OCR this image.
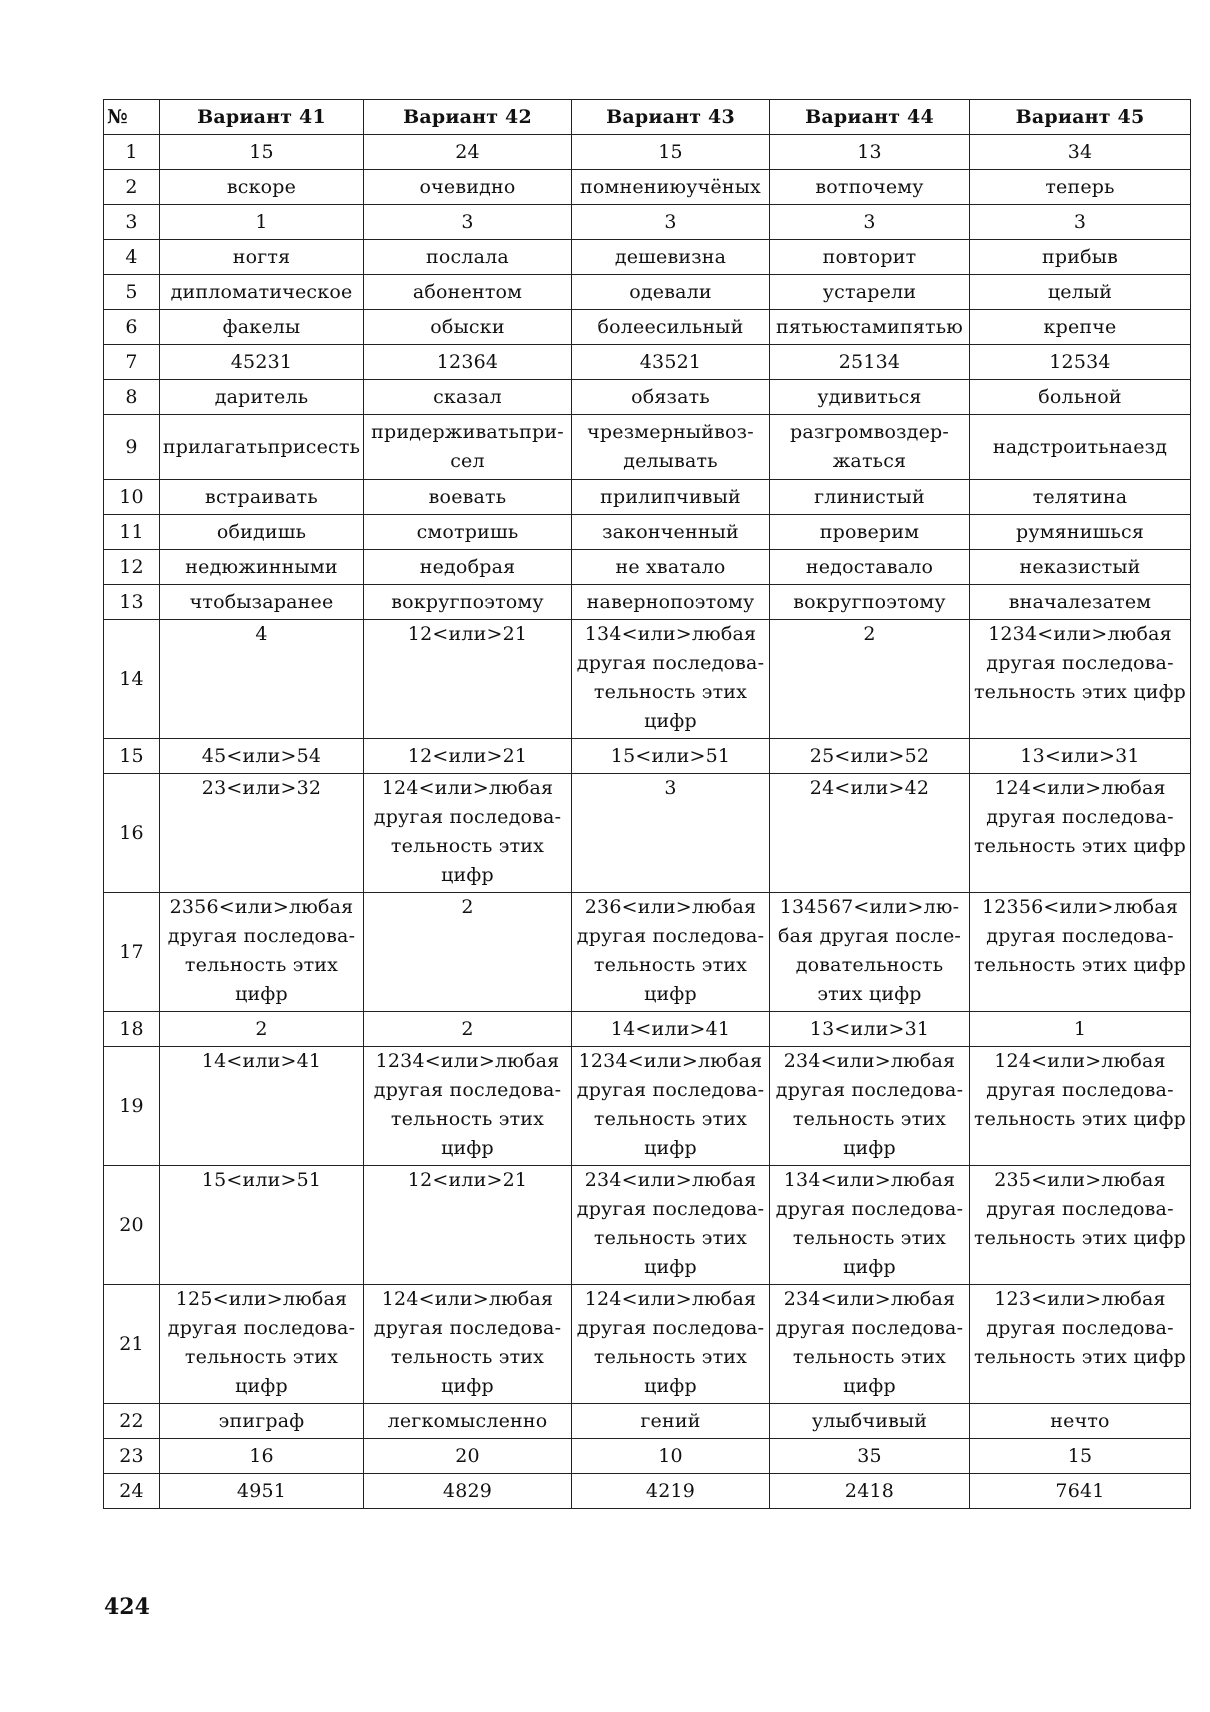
№	Вариант 41	Вариант 42	Вариант 43	Вариант 44	Вариант 45
1	15	24	15	13	34
2	вскоре	очевидно	помнениюучёных	вотпочему	теперь
3	1	3	3	3	3
4	ногтя	послала	дешевизна	повторит	прибыв
5	дипломатическое	абонентом	одевали	устарели	целый
6	факелы	обыски	болеесильный	пятьюстамипятью	крепче
7	45231	12364	43521	25134	12534
8	даритель	сказал	обязать	удивиться	больной
9	прилагатьприсесть	придерживатьпри-сел	чрезмерныйвоз-делывать	разгромвоздер-жаться	надстроитьнаезд
10	встраивать	воевать	прилипчивый	глинистый	телятина
11	обидишь	смотришь	законченный	проверим	румянишься
12	недюжинными	недобрая	не хватало	недоставало	неказистый
13	чтобызаранее	вокругпоэтому	навернопоэтому	вокругпоэтому	вначалезатем
14	4	12<или>21	134<или>любая другая последова-тельность этих цифр	2	1234<или>любая другая последова-тельность этих цифр
15	45<или>54	12<или>21	15<или>51	25<или>52	13<или>31
16	23<или>32	124<или>любая другая последова-тельность этих цифр	3	24<или>42	124<или>любая другая последова-тельность этих цифр
17	2356<или>любая другая последова-тельность этих цифр	2	236<или>любая другая последова-тельность этих цифр	134567<или>лю-бая другая после-довательность этих цифр	12356<или>любая другая последова-тельность этих цифр
18	2	2	14<или>41	13<или>31	1
19	14<или>41	1234<или>любая другая последова-тельность этих цифр	1234<или>любая другая последова-тельность этих цифр	234<или>любая другая последова-тельность этих цифр	124<или>любая другая последова-тельность этих цифр
20	15<или>51	12<или>21	234<или>любая другая последова-тельность этих цифр	134<или>любая другая последова-тельность этих цифр	235<или>любая другая последова-тельность этих цифр
21	125<или>любая другая последова-тельность этих цифр	124<или>любая другая последова-тельность этих цифр	124<или>любая другая последова-тельность этих цифр	234<или>любая другая последова-тельность этих цифр	123<или>любая другая последова-тельность этих цифр
22	эпиграф	легкомысленно	гений	улыбчивый	нечто
23	16	20	10	35	15
24	4951	4829	4219	2418	7641
424
